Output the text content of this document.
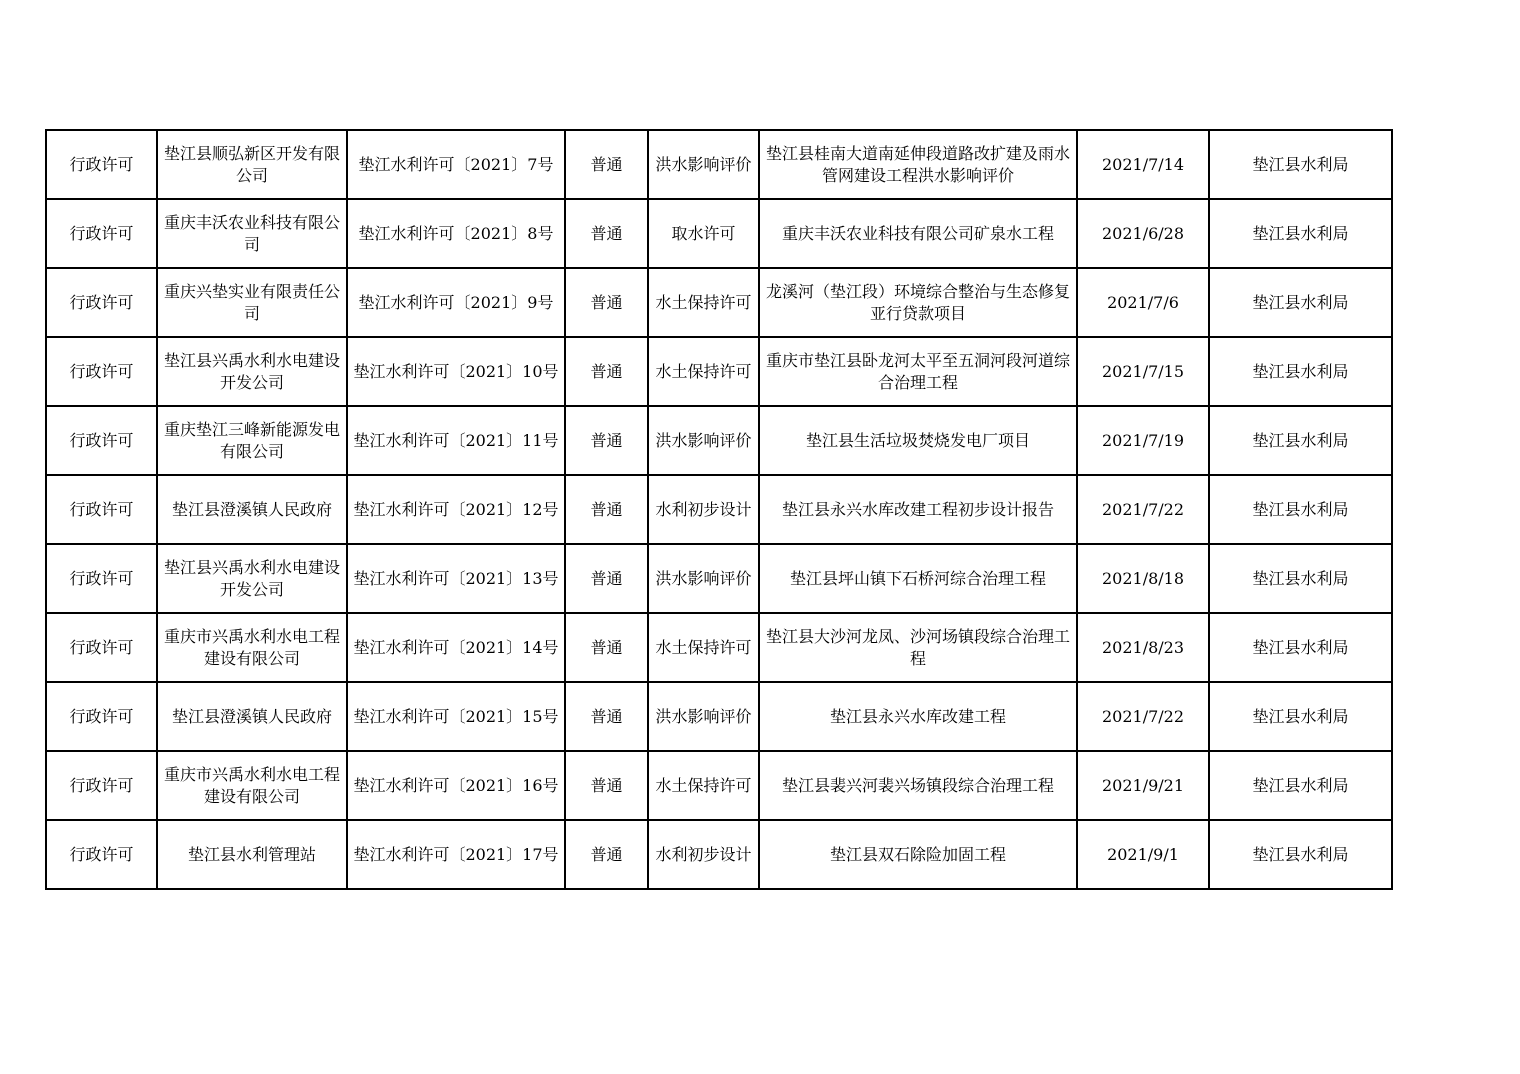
行政许可	垫江县顺弘新区开发有限公司	垫江水利许可〔2021〕7号	普通	洪水影响评价	垫江县桂南大道南延伸段道路改扩建及雨水管网建设工程洪水影响评价	2021/7/14	垫江县水利局
行政许可	重庆丰沃农业科技有限公司	垫江水利许可〔2021〕8号	普通	取水许可	重庆丰沃农业科技有限公司矿泉水工程	2021/6/28	垫江县水利局
行政许可	重庆兴垫实业有限责任公司	垫江水利许可〔2021〕9号	普通	水土保持许可	龙溪河（垫江段）环境综合整治与生态修复亚行贷款项目	2021/7/6	垫江县水利局
行政许可	垫江县兴禹水利水电建设开发公司	垫江水利许可〔2021〕10号	普通	水土保持许可	重庆市垫江县卧龙河太平至五洞河段河道综合治理工程	2021/7/15	垫江县水利局
行政许可	重庆垫江三峰新能源发电有限公司	垫江水利许可〔2021〕11号	普通	洪水影响评价	垫江县生活垃圾焚烧发电厂项目	2021/7/19	垫江县水利局
行政许可	垫江县澄溪镇人民政府	垫江水利许可〔2021〕12号	普通	水利初步设计	垫江县永兴水库改建工程初步设计报告	2021/7/22	垫江县水利局
行政许可	垫江县兴禹水利水电建设开发公司	垫江水利许可〔2021〕13号	普通	洪水影响评价	垫江县坪山镇下石桥河综合治理工程	2021/8/18	垫江县水利局
行政许可	重庆市兴禹水利水电工程建设有限公司	垫江水利许可〔2021〕14号	普通	水土保持许可	垫江县大沙河龙凤、沙河场镇段综合治理工程	2021/8/23	垫江县水利局
行政许可	垫江县澄溪镇人民政府	垫江水利许可〔2021〕15号	普通	洪水影响评价	垫江县永兴水库改建工程	2021/7/22	垫江县水利局
行政许可	重庆市兴禹水利水电工程建设有限公司	垫江水利许可〔2021〕16号	普通	水土保持许可	垫江县裴兴河裴兴场镇段综合治理工程	2021/9/21	垫江县水利局
行政许可	垫江县水利管理站	垫江水利许可〔2021〕17号	普通	水利初步设计	垫江县双石除险加固工程	2021/9/1	垫江县水利局
